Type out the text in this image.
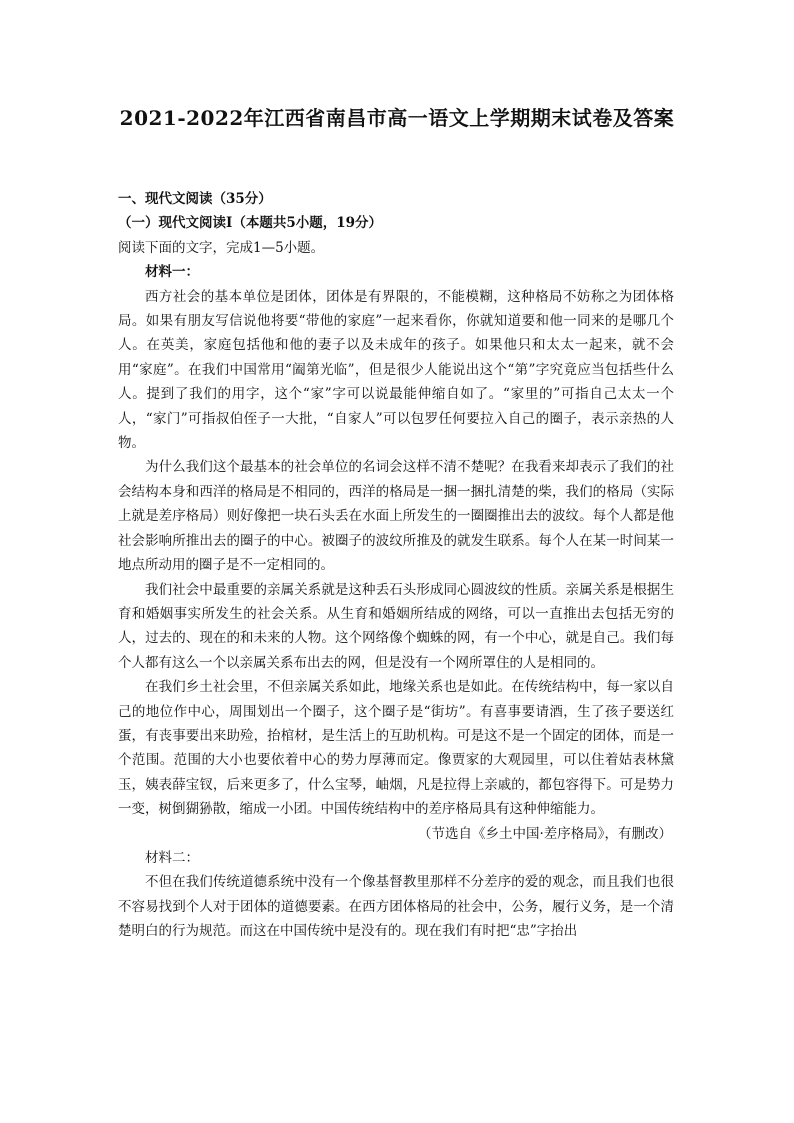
2021-2022年江西省南昌市高一语文上学期期末试卷及答案

一、现代文阅读（35分）

（一）现代文阅读Ⅰ（本题共5小题，19分）

阅读下面的文字，完成1—5小题。

材料一：

西方社会的基本单位是团体，团体是有界限的，不能模糊，这种格局不妨称之为团体格局。如果有朋友写信说他将要“带他的家庭”一起来看你，你就知道要和他一同来的是哪几个人。在英美，家庭包括他和他的妻子以及未成年的孩子。如果他只和太太一起来，就不会用“家庭”。在我们中国常用“阖第光临”，但是很少人能说出这个“第”字究竟应当包括些什么人。提到了我们的用字，这个“家”字可以说最能伸缩自如了。“家里的”可指自己太太一个人，“家门”可指叔伯侄子一大批，“自家人”可以包罗任何要拉入自己的圈子，表示亲热的人物。

为什么我们这个最基本的社会单位的名词会这样不清不楚呢？在我看来却表示了我们的社会结构本身和西洋的格局是不相同的，西洋的格局是一捆一捆扎清楚的柴，我们的格局（实际上就是差序格局）则好像把一块石头丢在水面上所发生的一圈圈推出去的波纹。每个人都是他社会影响所推出去的圈子的中心。被圈子的波纹所推及的就发生联系。每个人在某一时间某一地点所动用的圈子是不一定相同的。

我们社会中最重要的亲属关系就是这种丢石头形成同心圆波纹的性质。亲属关系是根据生育和婚姻事实所发生的社会关系。从生育和婚姻所结成的网络，可以一直推出去包括无穷的人，过去的、现在的和未来的人物。这个网络像个蜘蛛的网，有一个中心，就是自己。我们每个人都有这么一个以亲属关系布出去的网，但是没有一个网所罩住的人是相同的。

在我们乡土社会里，不但亲属关系如此，地缘关系也是如此。在传统结构中，每一家以自己的地位作中心，周围划出一个圈子，这个圈子是“街坊”。有喜事要请酒，生了孩子要送红蛋，有丧事要出来助殓，抬棺材，是生活上的互助机构。可是这不是一个固定的团体，而是一个范围。范围的大小也要依着中心的势力厚薄而定。像贾家的大观园里，可以住着姑表林黛玉，姨表薛宝钗，后来更多了，什么宝琴，岫烟，凡是拉得上亲戚的，都包容得下。可是势力一变，树倒猢狲散，缩成一小团。中国传统结构中的差序格局具有这种伸缩能力。

（节选自《乡土中国·差序格局》，有删改）

材料二：

不但在我们传统道德系统中没有一个像基督教里那样不分差序的爱的观念，而且我们也很不容易找到个人对于团体的道德要素。在西方团体格局的社会中，公务，履行义务，是一个清楚明白的行为规范。而这在中国传统中是没有的。现在我们有时把“忠”字抬出
